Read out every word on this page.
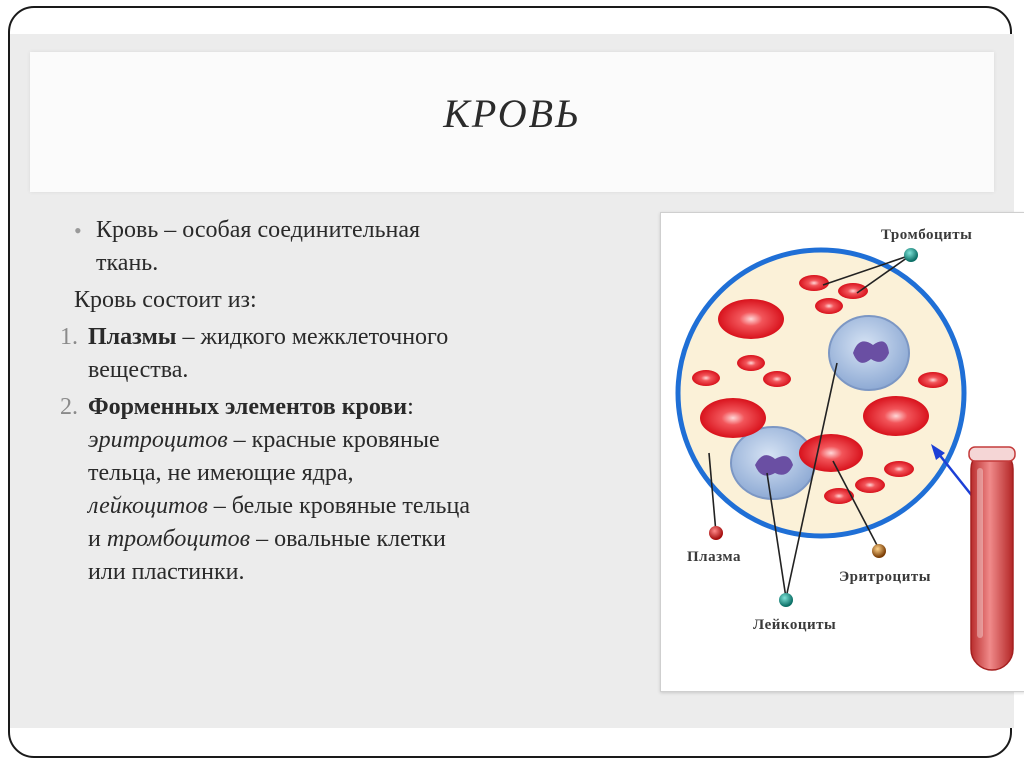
КРОВЬ
• Кровь – особая соединительная
ткань.
Кровь состоит из:
1. Плазмы – жидкого межклеточного
вещества.
2. Форменных элементов крови:
эритроцитов – красные кровяные
тельца, не имеющие ядра,
лейкоцитов – белые кровяные тельца
и тромбоцитов – овальные клетки
или пластинки.
Тромбоциты
Плазма
Эритроциты
Лейкоциты
